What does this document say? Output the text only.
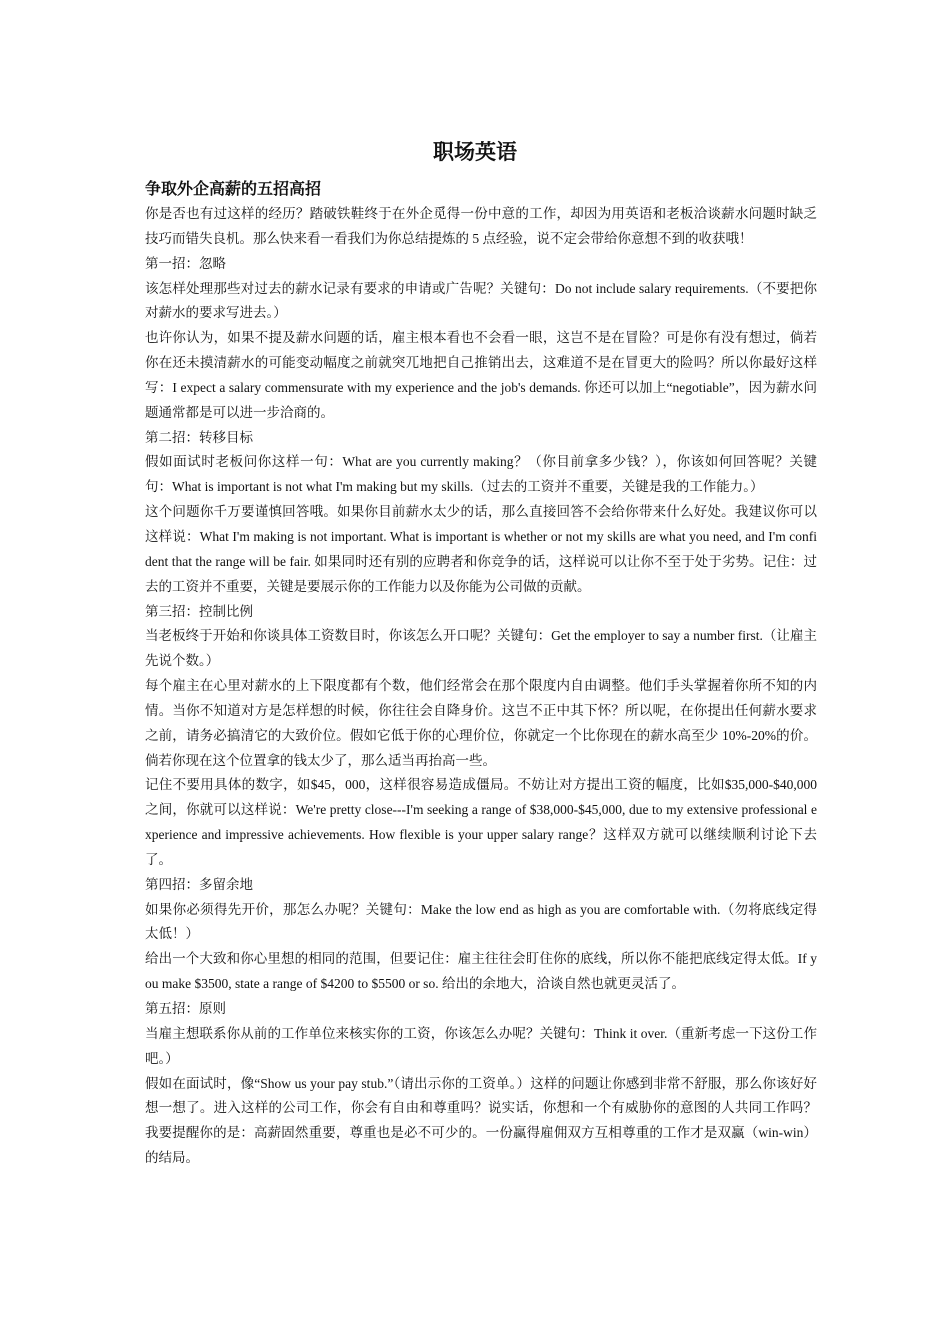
职场英语
争取外企高薪的五招高招

你是否也有过这样的经历？踏破铁鞋终于在外企觅得一份中意的工作，却因为用英语和老板洽谈薪水问题时缺乏技巧而错失良机。那么快来看一看我们为你总结提炼的 5 点经验，说不定会带给你意想不到的收获哦！

第一招：忽略

该怎样处理那些对过去的薪水记录有要求的申请或广告呢？关键句：Do not include salary requirements.（不要把你对薪水的要求写进去。）

也许你认为，如果不提及薪水问题的话，雇主根本看也不会看一眼，这岂不是在冒险？可是你有没有想过，倘若你在还未摸清薪水的可能变动幅度之前就突兀地把自己推销出去，这难道不是在冒更大的险吗？所以你最好这样写：I expect a salary commensurate with my experience and the job's demands. 你还可以加上“negotiable”，因为薪水问题通常都是可以进一步洽商的。

第二招：转移目标

假如面试时老板问你这样一句：What are you currently making？（你目前拿多少钱？），你该如何回答呢？关键句：What is important is not what I'm making but my skills.（过去的工资并不重要，关键是我的工作能力。）

这个问题你千万要谨慎回答哦。如果你目前薪水太少的话，那么直接回答不会给你带来什么好处。我建议你可以这样说：What I'm making is not important. What is important is whether or not my skills are what you need, and I'm confident that the range will be fair. 如果同时还有别的应聘者和你竞争的话，这样说可以让你不至于处于劣势。记住：过去的工资并不重要，关键是要展示你的工作能力以及你能为公司做的贡献。

第三招：控制比例

当老板终于开始和你谈具体工资数目时，你该怎么开口呢？关键句：Get the employer to say a number first.（让雇主先说个数。）

每个雇主在心里对薪水的上下限度都有个数，他们经常会在那个限度内自由调整。他们手头掌握着你所不知的内情。当你不知道对方是怎样想的时候，你往往会自降身价。这岂不正中其下怀？所以呢，在你提出任何薪水要求之前，请务必搞清它的大致价位。假如它低于你的心理价位，你就定一个比你现在的薪水高至少 10%-20%的价。倘若你现在这个位置拿的钱太少了，那么适当再抬高一些。

记住不要用具体的数字，如$45，000，这样很容易造成僵局。不妨让对方提出工资的幅度，比如$35,000-$40,000 之间，你就可以这样说：We're pretty close---I'm seeking a range of $38,000-$45,000, due to my extensive professional experience and impressive achievements. How flexible is your upper salary range？这样双方就可以继续顺利讨论下去了。

第四招：多留余地

如果你必须得先开价，那怎么办呢？关键句：Make the low end as high as you are comfortable with.（勿将底线定得太低！）

给出一个大致和你心里想的相同的范围，但要记住：雇主往往会盯住你的底线，所以你不能把底线定得太低。If you make $3500, state a range of $4200 to $5500 or so. 给出的余地大，洽谈自然也就更灵活了。

第五招：原则

当雇主想联系你从前的工作单位来核实你的工资，你该怎么办呢？关键句：Think it over.（重新考虑一下这份工作吧。）

假如在面试时，像“Show us your pay stub.”（请出示你的工资单。）这样的问题让你感到非常不舒服，那么你该好好想一想了。进入这样的公司工作，你会有自由和尊重吗？说实话，你想和一个有威胁你的意图的人共同工作吗？我要提醒你的是：高薪固然重要，尊重也是必不可少的。一份赢得雇佣双方互相尊重的工作才是双赢（win-win）的结局。
